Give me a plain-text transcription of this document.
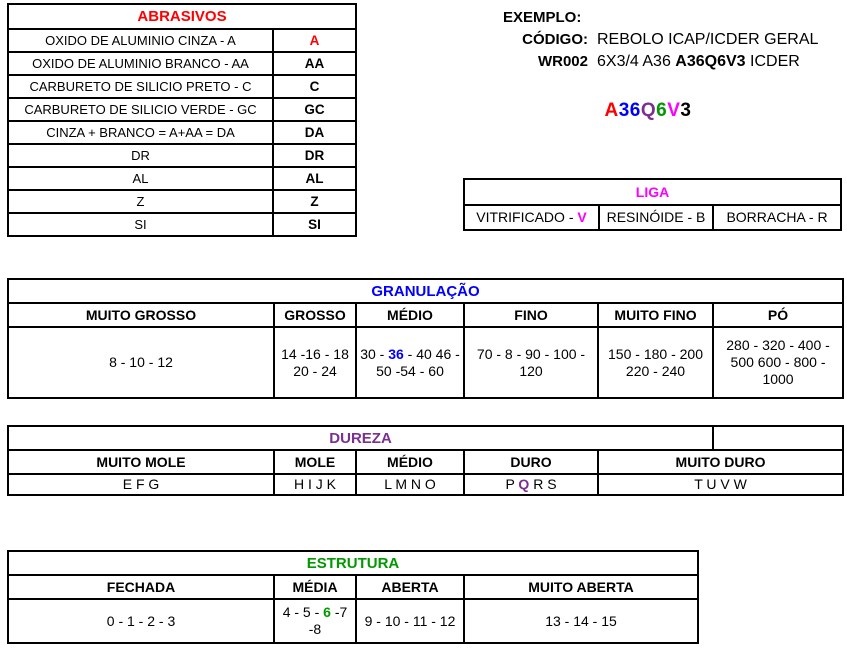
ABRASIVOS	
OXIDO DE ALUMINIO CINZA - A	A
OXIDO DE ALUMINIO BRANCO - AA	AA
CARBURETO DE SILICIO PRETO - C	C
CARBURETO DE SILICIO VERDE - GC	GC
CINZA + BRANCO = A+AA = DA	DA
DR	DR
AL	AL
Z	Z
SI	SI
EXEMPLO:
CÓDIGO: REBOLO ICAP/ICDER GERAL
WR002 6X3/4 A36 A36Q6V3 ICDER
A36Q6V3
LIGA
VITRIFICADO - V	RESINÓIDE - B	BORRACHA - R
GRANULAÇÃO					
MUITO GROSSO	GROSSO	MÉDIO	FINO	MUITO FINO	PÓ
8 - 10 - 12	14 -16 - 18 20 - 24	30 - 36 - 40 46 - 50 -54 - 60	70 - 8 - 90 - 100 - 120	150 - 180 - 200 220 - 240	280 - 320 - 400 - 500 600 - 800 - 1000
DUREZA					
MUITO MOLE	MOLE	MÉDIO	DURO	MUITO DURO	
E F G	H I J K	L M N O	P Q R S	T U V W	
ESTRUTURA			
FECHADA	MÉDIA	ABERTA	MUITO ABERTA
0 - 1 - 2 - 3	4 - 5 - 6 -7 -8	9 - 10 - 11 - 12	13 - 14 - 15
